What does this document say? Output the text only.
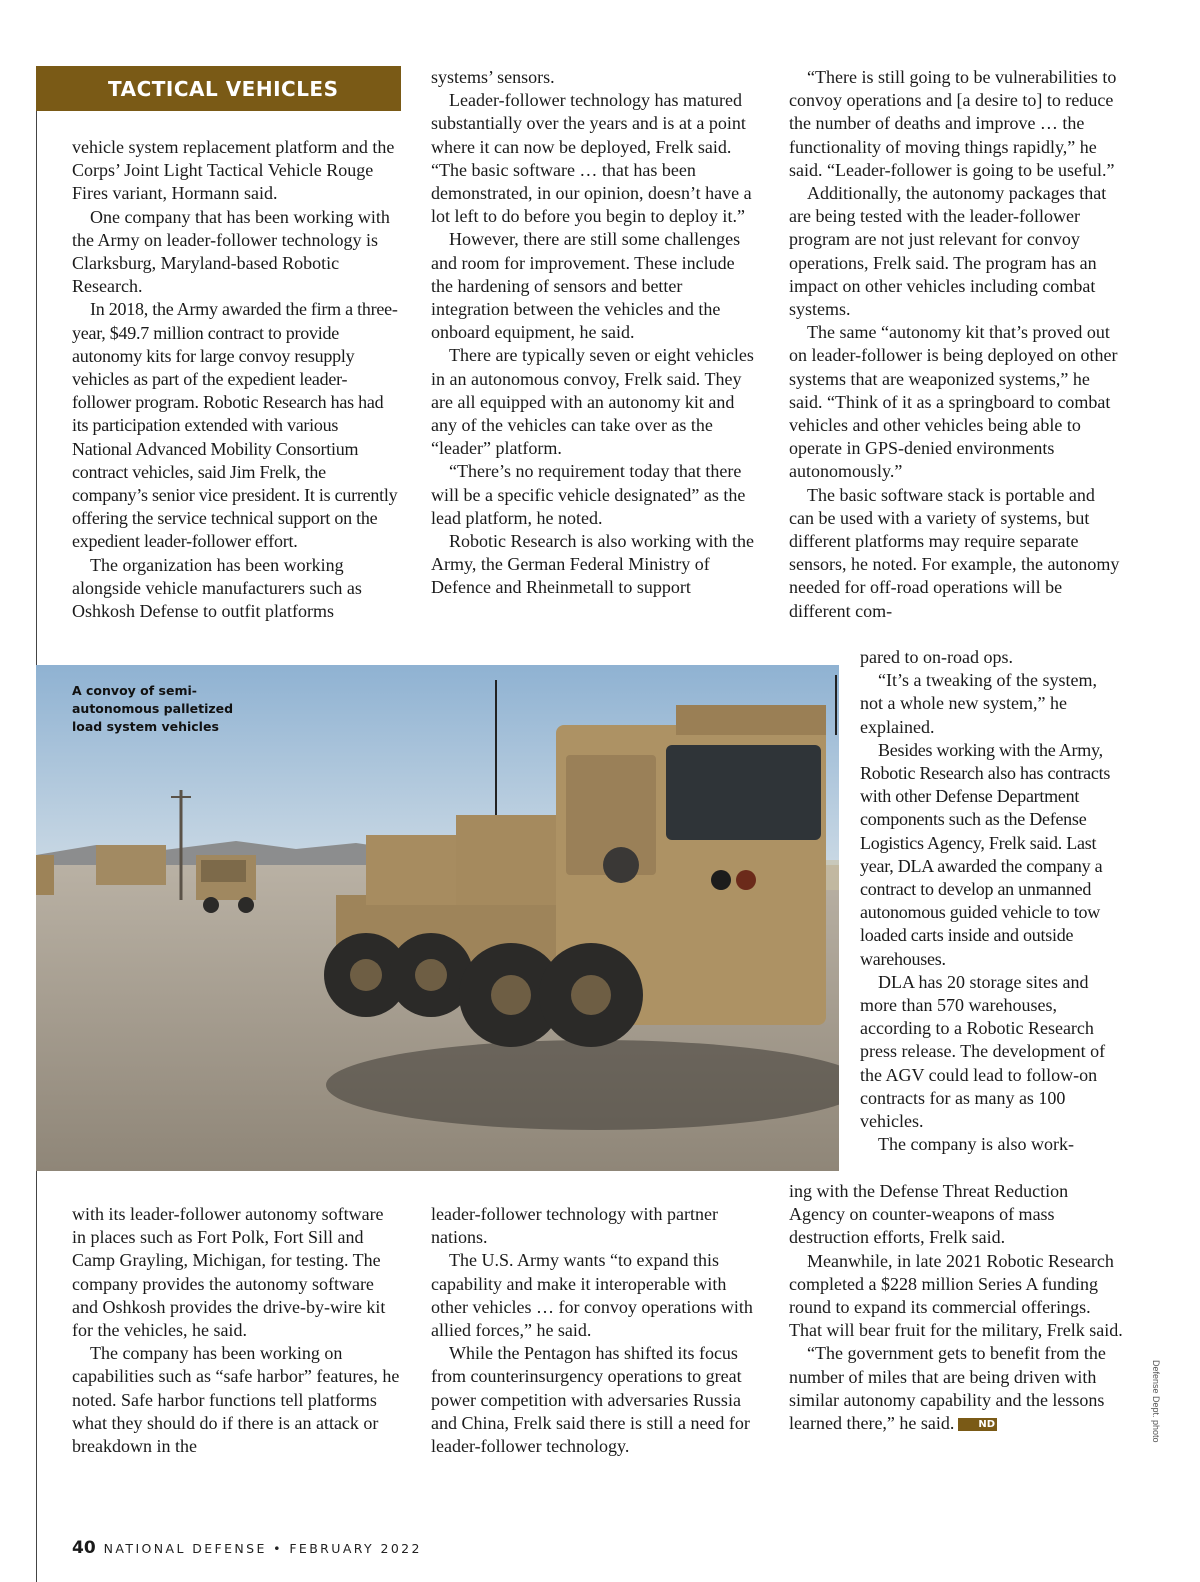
TACTICAL VEHICLES

vehicle system replacement platform and the Corps’ Joint Light Tactical Vehicle Rouge Fires variant, Hormann said.

One company that has been working with the Army on leader-follower technology is Clarksburg, Maryland-based Robotic Research.

In 2018, the Army awarded the firm a three-year, $49.7 million contract to provide autonomy kits for large convoy resupply vehicles as part of the expedient leader-follower program. Robotic Research has had its participation extended with various National Advanced Mobility Consortium contract vehicles, said Jim Frelk, the company’s senior vice president. It is currently offering the service technical support on the expedient leader-follower effort.

The organization has been working alongside vehicle manufacturers such as Oshkosh Defense to outfit platforms

systems’ sensors.

Leader-follower technology has matured substantially over the years and is at a point where it can now be deployed, Frelk said. “The basic software … that has been demonstrated, in our opinion, doesn’t have a lot left to do before you begin to deploy it.”

However, there are still some challenges and room for improvement. These include the hardening of sensors and better integration between the vehicles and the onboard equipment, he said.

There are typically seven or eight vehicles in an autonomous convoy, Frelk said. They are all equipped with an autonomy kit and any of the vehicles can take over as the “leader” platform.

“There’s no requirement today that there will be a specific vehicle designated” as the lead platform, he noted.

Robotic Research is also working with the Army, the German Federal Ministry of Defence and Rheinmetall to support

“There is still going to be vulnerabilities to convoy operations and [a desire to] to reduce the number of deaths and improve … the functionality of moving things rapidly,” he said. “Leader-follower is going to be useful.”

Additionally, the autonomy packages that are being tested with the leader-follower program are not just relevant for convoy operations, Frelk said. The program has an impact on other vehicles including combat systems.

The same “autonomy kit that’s proved out on leader-follower is being deployed on other systems that are weaponized systems,” he said. “Think of it as a springboard to combat vehicles and other vehicles being able to operate in GPS-denied environments autonomously.”

The basic software stack is portable and can be used with a variety of systems, but different platforms may require separate sensors, he noted. For example, the autonomy needed for off-road operations will be different com-

pared to on-road ops.

“It’s a tweaking of the system, not a whole new system,” he explained.

Besides working with the Army, Robotic Research also has contracts with other Defense Department components such as the Defense Logistics Agency, Frelk said. Last year, DLA awarded the company a contract to develop an unmanned autonomous guided vehicle to tow loaded carts inside and outside warehouses.

DLA has 20 storage sites and more than 570 warehouses, according to a Robotic Research press release. The development of the AGV could lead to follow-on contracts for as many as 100 vehicles.

The company is also work-

ing with the Defense Threat Reduction Agency on counter-weapons of mass destruction efforts, Frelk said.

Meanwhile, in late 2021 Robotic Research completed a $228 million Series A funding round to expand its commercial offerings. That will bear fruit for the military, Frelk said.

“The government gets to benefit from the number of miles that are being driven with similar autonomy capability and the lessons learned there,” he said. ND

with its leader-follower autonomy software in places such as Fort Polk, Fort Sill and Camp Grayling, Michigan, for testing. The company provides the autonomy software and Oshkosh provides the drive-by-wire kit for the vehicles, he said.

The company has been working on capabilities such as “safe harbor” features, he noted. Safe harbor functions tell platforms what they should do if there is an attack or breakdown in the

leader-follower technology with partner nations.

The U.S. Army wants “to expand this capability and make it interoperable with other vehicles … for convoy operations with allied forces,” he said.

While the Pentagon has shifted its focus from counterinsurgency operations to great power competition with adversaries Russia and China, Frelk said there is still a need for leader-follower technology.

A convoy of semi-autonomous palletized load system vehicles
Defense Dept. photo
40 NATIONAL DEFENSE • FEBRUARY 2022
